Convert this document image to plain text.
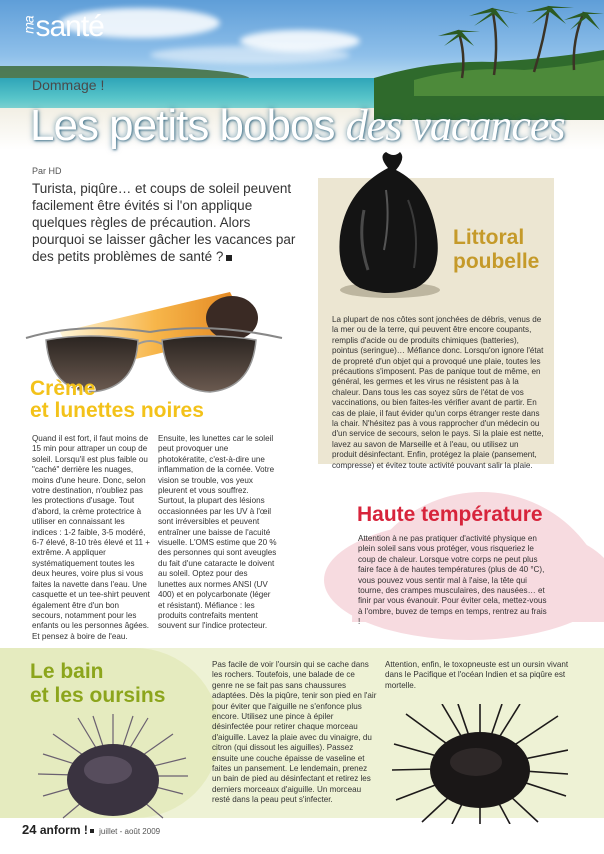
masanté
Dommage !
Les petits bobos des vacances
Par HD

Turista, piqûre… et coups de soleil peuvent facilement être évités si l'on applique quelques règles de précaution. Alors pourquoi se laisser gâcher les vacances par des petits problèmes de santé ?

Littoral
poubelle

La plupart de nos côtes sont jonchées de débris, venus de la mer ou de la terre, qui peuvent être encore coupants, remplis d'acide ou de produits chimiques (batteries), pointus (seringue)… Méfiance donc. Lorsqu'on ignore l'état de propreté d'un objet qui a provoqué une plaie, toutes les précautions s'imposent. Pas de panique tout de même, en général, les germes et les virus ne résistent pas à la chaleur. Dans tous les cas soyez sûrs de l'état de vos vaccinations, ou bien faites-les vérifier avant de partir. En cas de plaie, il faut évider qu'un corps étranger reste dans la chair. N'hésitez pas à vous rapprocher d'un médecin ou d'un service de secours, selon le pays. Si la plaie est nette, lavez au savon de Marseille et à l'eau, ou utilisez un produit désinfectant. Enfin, protégez la plaie (pansement, compresse) et évitez toute activité pouvant salir la plaie.

Crème
et lunettes noires

Quand il est fort, il faut moins de 15 min pour attraper un coup de soleil. Lorsqu'il est plus faible ou "caché" derrière les nuages, moins d'une heure. Donc, selon votre destination, n'oubliez pas les protections d'usage. Tout d'abord, la crème protectrice à utiliser en connaissant les indices : 1-2 faible, 3-5 modéré, 6-7 élevé, 8-10 très élevé et 11 + extrême. A appliquer systématiquement toutes les deux heures, voire plus si vous faites la navette dans l'eau. Une casquette et un tee-shirt peuvent également être d'un bon secours, notamment pour les enfants ou les personnes âgées. Et pensez à boire de l'eau.

Ensuite, les lunettes car le soleil peut provoquer une photokératite, c'est-à-dire une inflammation de la cornée. Votre vision se trouble, vos yeux pleurent et vous souffrez. Surtout, la plupart des lésions occasionnées par les UV à l'œil sont irréversibles et peuvent entraîner une baisse de l'acuité visuelle. L'OMS estime que 20 % des personnes qui sont aveugles du fait d'une cataracte le doivent au soleil. Optez pour des lunettes aux normes ANSI (UV 400) et en polycarbonate (léger et résistant). Méfiance : les produits contrefaits mentent souvent sur l'indice protecteur.

Haute température

Attention à ne pas pratiquer d'activité physique en plein soleil sans vous protéger, vous risqueriez le coup de chaleur. Lorsque votre corps ne peut plus faire face à de hautes températures (plus de 40 °C), vous pouvez vous sentir mal à l'aise, la tête qui tourne, des crampes musculaires, des nausées… et finir par vous évanouir. Pour éviter cela, mettez-vous à l'ombre, buvez de temps en temps, rentrez au frais !

Le bain
et les oursins

Pas facile de voir l'oursin qui se cache dans les rochers. Toutefois, une balade de ce genre ne se fait pas sans chaussures adaptées. Dès la piqûre, tenir son pied en l'air pour éviter que l'aiguille ne s'enfonce plus encore. Utilisez une pince à épiler désinfectée pour retirer chaque morceau d'aiguille. Lavez la plaie avec du vinaigre, du citron (qui dissout les aiguilles). Passez ensuite une couche épaisse de vaseline et faites un pansement. Le lendemain, prenez un bain de pied au désinfectant et retirez les derniers morceaux d'aiguille. Un morceau resté dans la peau peut s'infecter.

Attention, enfin, le toxopneuste est un oursin vivant dans le Pacifique et l'océan Indien et sa piqûre est mortelle.

24 anform ! juillet - août 2009
